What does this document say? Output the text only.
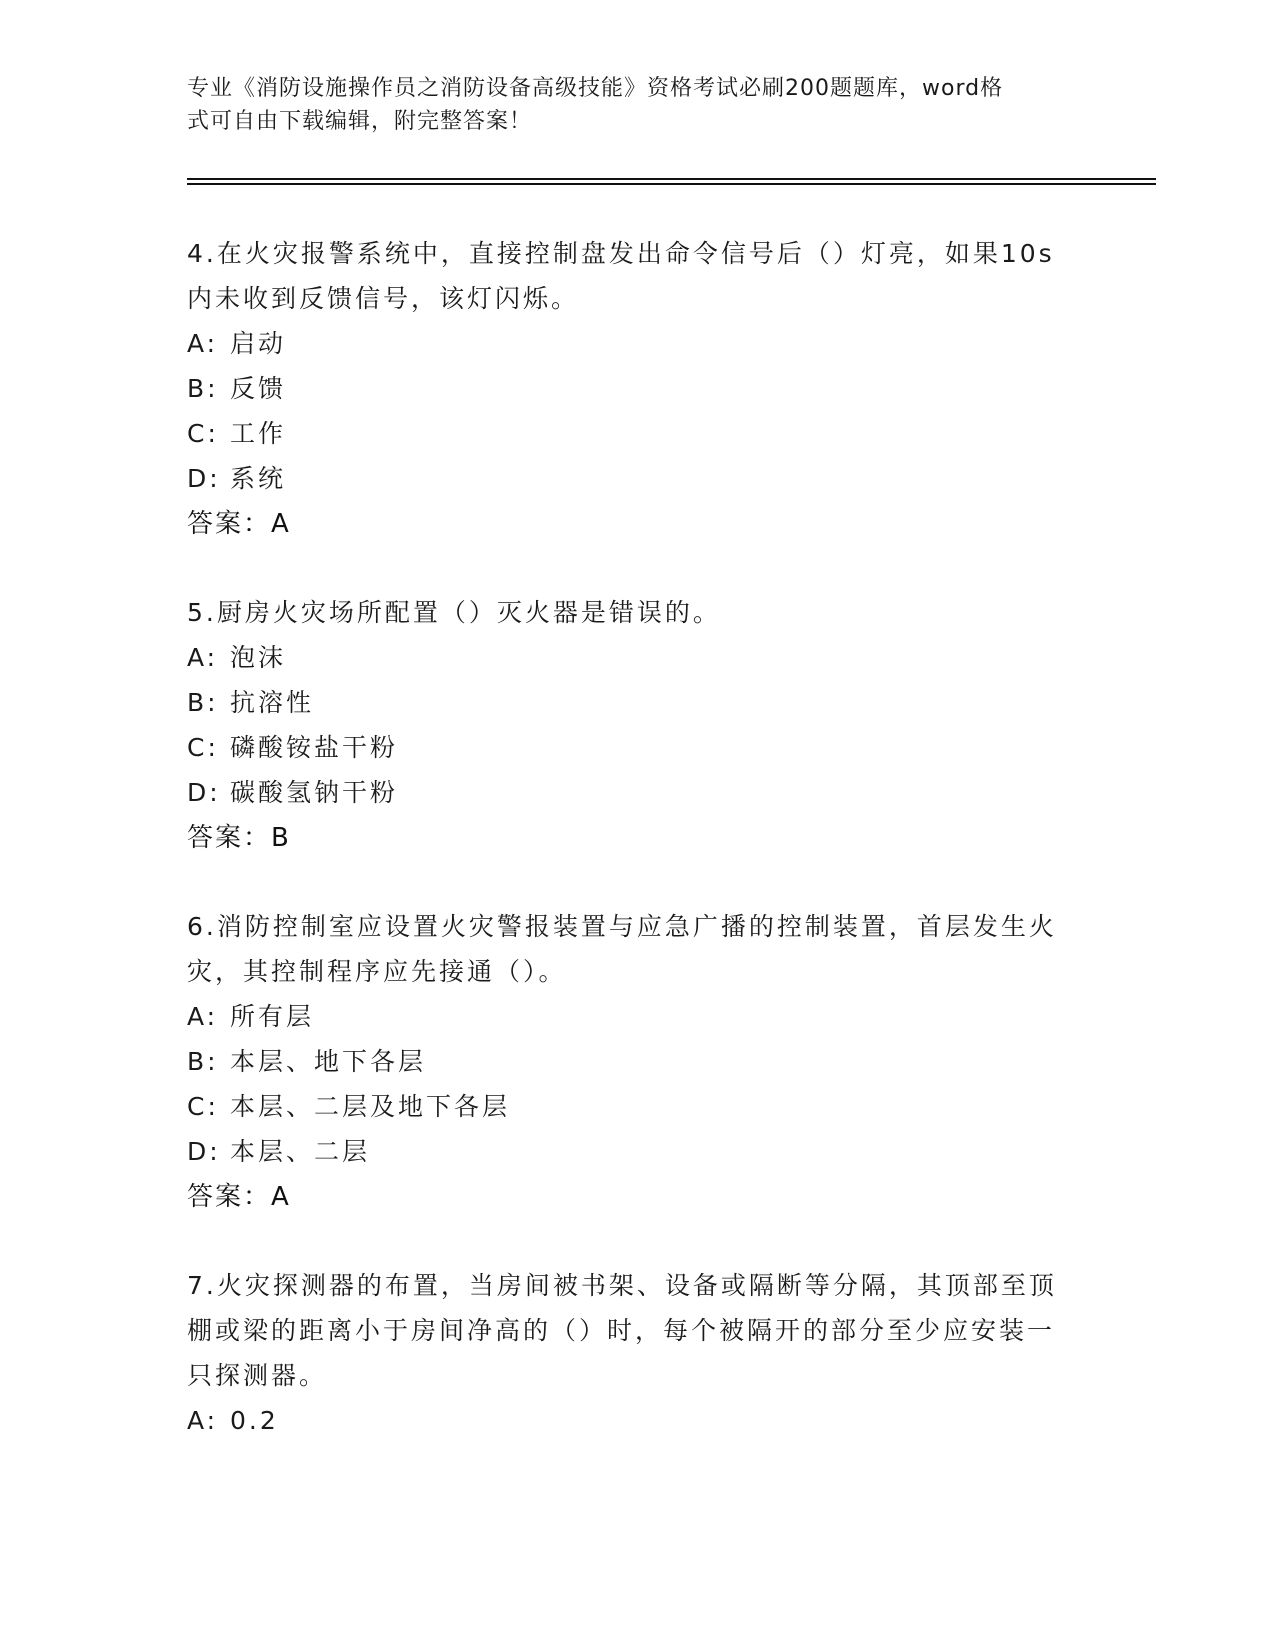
专业《消防设施操作员之消防设备高级技能》资格考试必刷200题题库，word格
式可自由下载编辑，附完整答案！

4.在火灾报警系统中，直接控制盘发出命令信号后（）灯亮，如果10s内未收到反馈信号，该灯闪烁。

A: 启动
B: 反馈
C: 工作
D: 系统
答案：A

5.厨房火灾场所配置（）灭火器是错误的。

A: 泡沫
B: 抗溶性
C: 磷酸铵盐干粉
D: 碳酸氢钠干粉
答案：B

6.消防控制室应设置火灾警报装置与应急广播的控制装置，首层发生火灾，其控制程序应先接通（）。

A: 所有层
B: 本层、地下各层
C: 本层、二层及地下各层
D: 本层、二层
答案：A

7.火灾探测器的布置，当房间被书架、设备或隔断等分隔，其顶部至顶棚或梁的距离小于房间净高的（）时，每个被隔开的部分至少应安装一只探测器。

A: 0.2
